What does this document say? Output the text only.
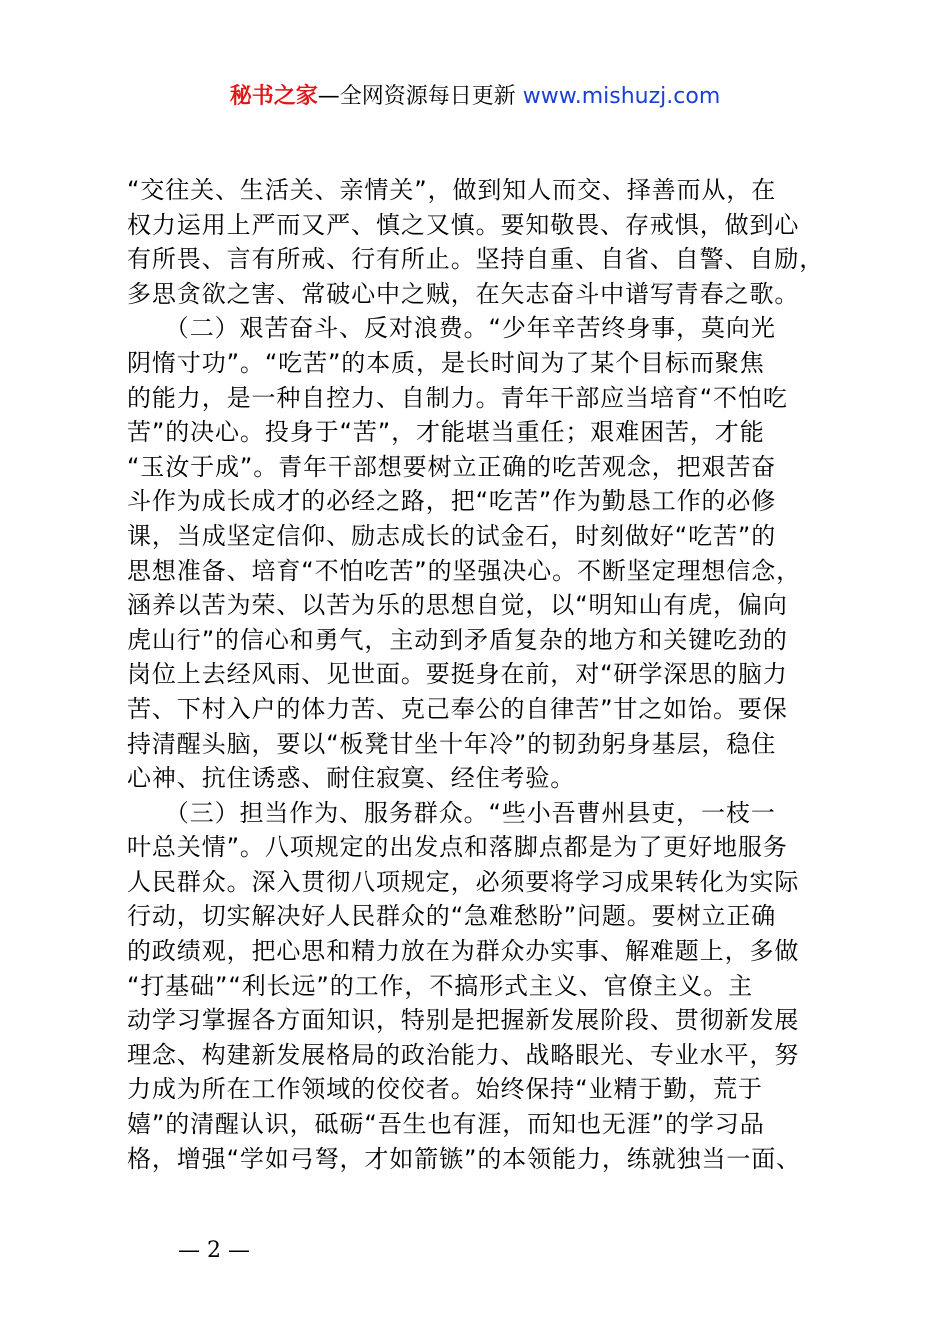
秘书之家—全网资源每日更新 www.mishuzj.com
“交往关、生活关、亲情关”，做到知人而交、择善而从，在
权力运用上严而又严、慎之又慎。要知敬畏、存戒惧，做到心
有所畏、言有所戒、行有所止。坚持自重、自省、自警、自励，
多思贪欲之害、常破心中之贼，在矢志奋斗中谱写青春之歌。
　　（二）艰苦奋斗、反对浪费。“少年辛苦终身事，莫向光
阴惰寸功”。“吃苦”的本质，是长时间为了某个目标而聚焦
的能力，是一种自控力、自制力。青年干部应当培育“不怕吃
苦”的决心。投身于“苦”，才能堪当重任；艰难困苦，才能
“玉汝于成”。青年干部想要树立正确的吃苦观念，把艰苦奋
斗作为成长成才的必经之路，把“吃苦”作为勤恳工作的必修
课，当成坚定信仰、励志成长的试金石，时刻做好“吃苦”的
思想准备、培育“不怕吃苦”的坚强决心。不断坚定理想信念，
涵养以苦为荣、以苦为乐的思想自觉，以“明知山有虎，偏向
虎山行”的信心和勇气，主动到矛盾复杂的地方和关键吃劲的
岗位上去经风雨、见世面。要挺身在前，对“研学深思的脑力
苦、下村入户的体力苦、克己奉公的自律苦”甘之如饴。要保
持清醒头脑，要以“板凳甘坐十年冷”的韧劲躬身基层，稳住
心神、抗住诱惑、耐住寂寞、经住考验。
　　（三）担当作为、服务群众。“些小吾曹州县吏，一枝一
叶总关情”。八项规定的出发点和落脚点都是为了更好地服务
人民群众。深入贯彻八项规定，必须要将学习成果转化为实际
行动，切实解决好人民群众的“急难愁盼”问题。要树立正确
的政绩观，把心思和精力放在为群众办实事、解难题上，多做
“打基础”“利长远”的工作，不搞形式主义、官僚主义。主
动学习掌握各方面知识，特别是把握新发展阶段、贯彻新发展
理念、构建新发展格局的政治能力、战略眼光、专业水平，努
力成为所在工作领域的佼佼者。始终保持“业精于勤，荒于
嬉”的清醒认识，砥砺“吾生也有涯，而知也无涯”的学习品
格，增强“学如弓弩，才如箭镞”的本领能力，练就独当一面、
— 2 —
